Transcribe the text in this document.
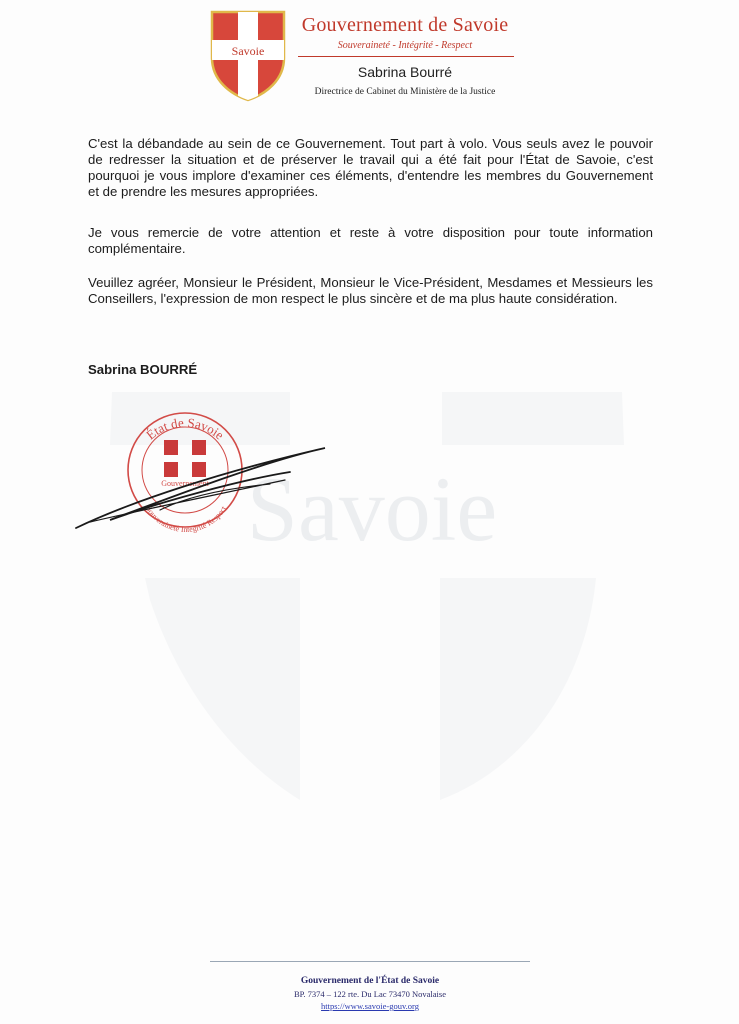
Savoie
Savoie
Gouvernement de Savoie
Souveraineté - Intégrité - Respect
Sabrina Bourré
Directrice de Cabinet du Ministère de la Justice

C'est la débandade au sein de ce Gouvernement. Tout part à volo. Vous seuls avez le pouvoir de redresser la situation et de préserver le travail qui a été fait pour l'État de Savoie, c'est pourquoi je vous implore d'examiner ces éléments, d'entendre les membres du Gouvernement et de prendre les mesures appropriées.

Je vous remercie de votre attention et reste à votre disposition pour toute information complémentaire.

Veuillez agréer, Monsieur le Président, Monsieur le Vice-Président, Mesdames et Messieurs les Conseillers, l'expression de mon respect le plus sincère et de ma plus haute considération.

Sabrina BOURRÉ
État de Savoie
Souveraineté Intégrité Respect
Gouvernement
Gouvernement de l'État de Savoie
BP. 7374 – 122 rte. Du Lac 73470 Novalaise
https://www.savoie-gouv.org
